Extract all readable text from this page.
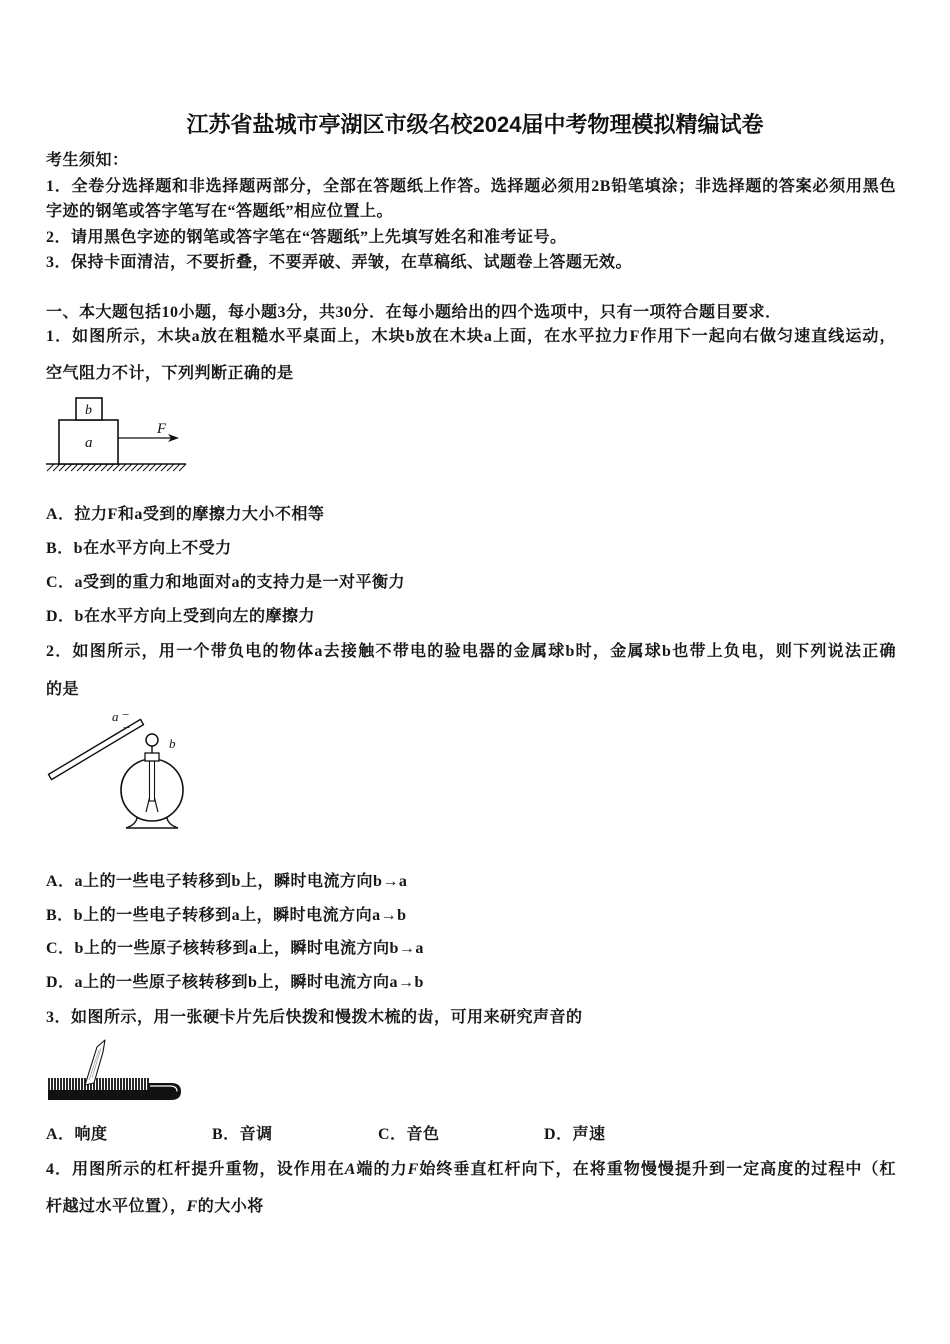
江苏省盐城市亭湖区市级名校2024届中考物理模拟精编试卷
考生须知：
1．全卷分选择题和非选择题两部分，全部在答题纸上作答。选择题必须用2B铅笔填涂；非选择题的答案必须用黑色
字迹的钢笔或答字笔写在“答题纸”相应位置上。
2．请用黑色字迹的钢笔或答字笔在“答题纸”上先填写姓名和准考证号。
3．保持卡面清洁，不要折叠，不要弄破、弄皱，在草稿纸、试题卷上答题无效。
一、本大题包括10小题，每小题3分，共30分．在每小题给出的四个选项中，只有一项符合题目要求．
1．如图所示，木块a放在粗糙水平桌面上，木块b放在木块a上面，在水平拉力F作用下一起向右做匀速直线运动，
空气阻力不计，下列判断正确的是
a
b
F
A．拉力F和a受到的摩擦力大小不相等
B．b在水平方向上不受力
C．a受到的重力和地面对a的支持力是一对平衡力
D．b在水平方向上受到向左的摩擦力
2．如图所示，用一个带负电的物体a去接触不带电的验电器的金属球b时，金属球b也带上负电，则下列说法正确
的是
a −
−
b
A．a上的一些电子转移到b上，瞬时电流方向b→a
B．b上的一些电子转移到a上，瞬时电流方向a→b
C．b上的一些原子核转移到a上，瞬时电流方向b→a
D．a上的一些原子核转移到b上，瞬时电流方向a→b
3．如图所示，用一张硬卡片先后快拨和慢拨木梳的齿，可用来研究声音的
A．响度	B．音调	C．音色	D．声速
4．用图所示的杠杆提升重物，设作用在A端的力F始终垂直杠杆向下，在将重物慢慢提升到一定高度的过程中（杠
杆越过水平位置），F的大小将
